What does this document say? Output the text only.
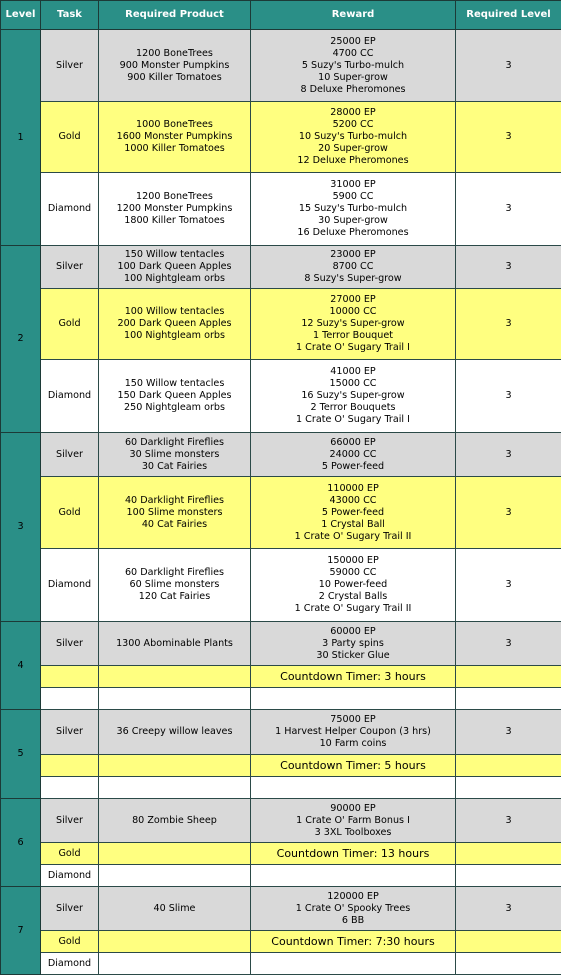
Level	Task	Required Product	Reward	Required Level
1	Silver	1200 BoneTrees
900 Monster Pumpkins
900 Killer Tomatoes	25000 EP
4700 CC
5 Suzy's Turbo-mulch
10 Super-grow
8 Deluxe Pheromones	3
	Gold	1000 BoneTrees
1600 Monster Pumpkins
1000 Killer Tomatoes	28000 EP
5200 CC
10 Suzy's Turbo-mulch
20 Super-grow
12 Deluxe Pheromones	3
	Diamond	1200 BoneTrees
1200 Monster Pumpkins
1800 Killer Tomatoes	31000 EP
5900 CC
15 Suzy's Turbo-mulch
30 Super-grow
16 Deluxe Pheromones	3
2	Silver	150 Willow tentacles
100 Dark Queen Apples
100 Nightgleam orbs	23000 EP
8700 CC
8 Suzy's Super-grow	3
	Gold	100 Willow tentacles
200 Dark Queen Apples
100 Nightgleam orbs	27000 EP
10000 CC
12 Suzy's Super-grow
1 Terror Bouquet
1 Crate O' Sugary Trail I	3
	Diamond	150 Willow tentacles
150 Dark Queen Apples
250 Nightgleam orbs	41000 EP
15000 CC
16 Suzy's Super-grow
2 Terror Bouquets
1 Crate O' Sugary Trail I	3
3	Silver	60 Darklight Fireflies
30 Slime monsters
30 Cat Fairies	66000 EP
24000 CC
5 Power-feed	3
	Gold	40 Darklight Fireflies
100 Slime monsters
40 Cat Fairies	110000 EP
43000 CC
5 Power-feed
1 Crystal Ball
1 Crate O' Sugary Trail II	3
	Diamond	60 Darklight Fireflies
60 Slime monsters
120 Cat Fairies	150000 EP
59000 CC
10 Power-feed
2 Crystal Balls
1 Crate O' Sugary Trail II	3
4	Silver	1300 Abominable Plants	60000 EP
3 Party spins
30 Sticker Glue	3
			Countdown Timer: 3 hours	

5	Silver	36 Creepy willow leaves	75000 EP
1 Harvest Helper Coupon (3 hrs)
10 Farm coins	3
			Countdown Timer: 5 hours	

6	Silver	80 Zombie Sheep	90000 EP
1 Crate O' Farm Bonus I
3 3XL Toolboxes	3
	Gold		Countdown Timer: 13 hours	
	Diamond			
7	Silver	40 Slime	120000 EP
1 Crate O' Spooky Trees
6 BB	3
	Gold		Countdown Timer: 7:30 hours	
	Diamond			
